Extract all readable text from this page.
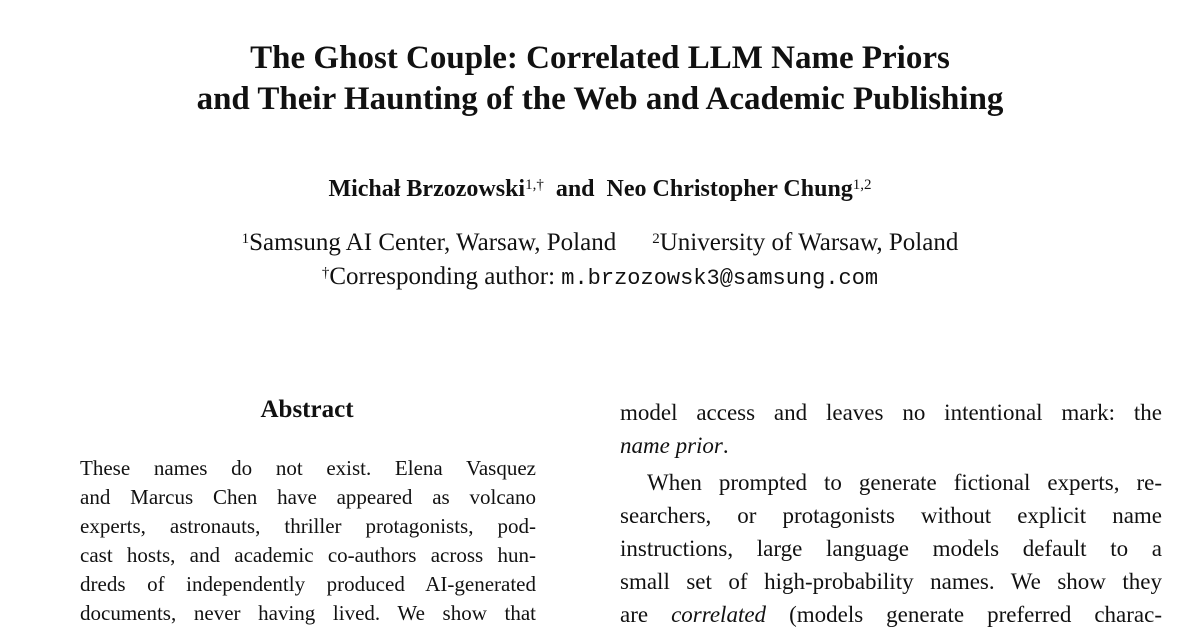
The Ghost Couple: Correlated LLM Name Priors
and Their Haunting of the Web and Academic Publishing
Michał Brzozowski$^{1,\dagger}$ and Neo Christopher Chung$^{1,2}$
$^1$Samsung AI Center, Warsaw, Poland $^2$University of Warsaw, Poland
†Corresponding author: m.brzozowsk3@samsung.com
Abstract
These names do not exist. Elena Vasquez
and Marcus Chen have appeared as volcano
experts, astronauts, thriller protagonists, pod-
cast hosts, and academic co-authors across hun-
dreds of independently produced AI-generated
documents, never having lived. We show that
model access and leaves no intentional mark: the
name prior.
When prompted to generate fictional experts, re-
searchers, or protagonists without explicit name
instructions, large language models default to a
small set of high-probability names. We show they
are correlated (models generate preferred charac-
